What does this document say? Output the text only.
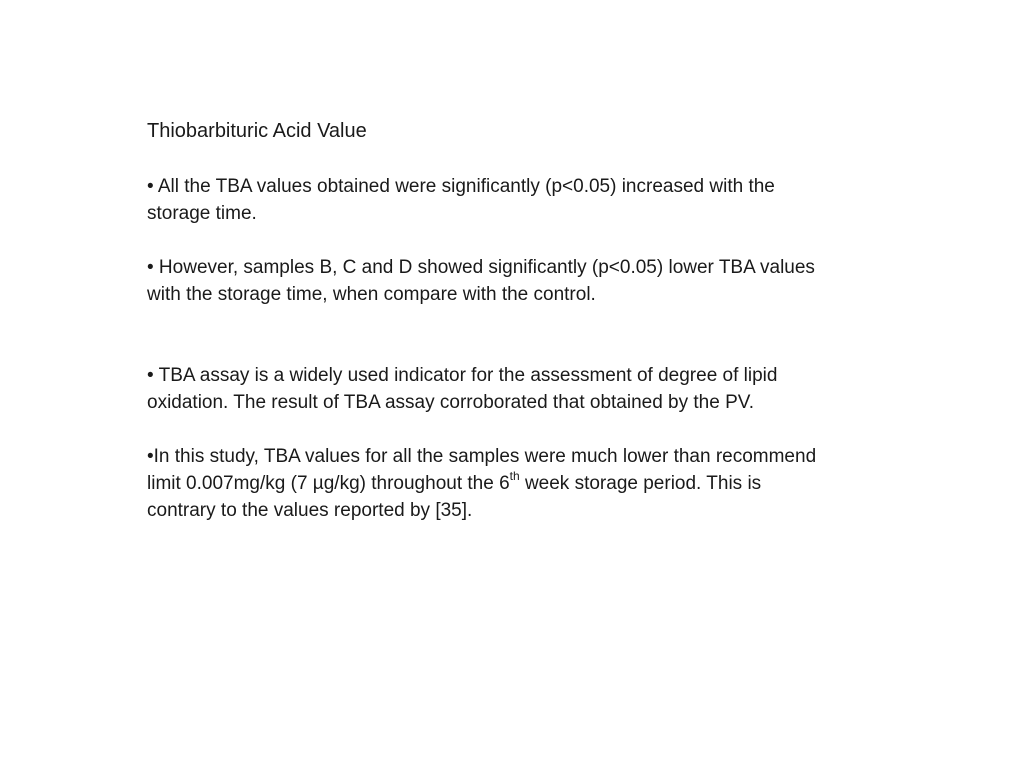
Thiobarbituric Acid Value
• All the TBA values obtained were significantly (p<0.05) increased with the storage time.
• However, samples B, C and D showed significantly (p<0.05) lower TBA values with the storage time, when compare with the control.
• TBA assay is a widely used indicator for the assessment of degree of lipid oxidation. The result of TBA assay corroborated that obtained by the PV.
•In this study, TBA values for all the samples were much lower than recommend limit 0.007mg/kg (7 µg/kg) throughout the 6th week storage period. This is contrary to the values reported by [35].
